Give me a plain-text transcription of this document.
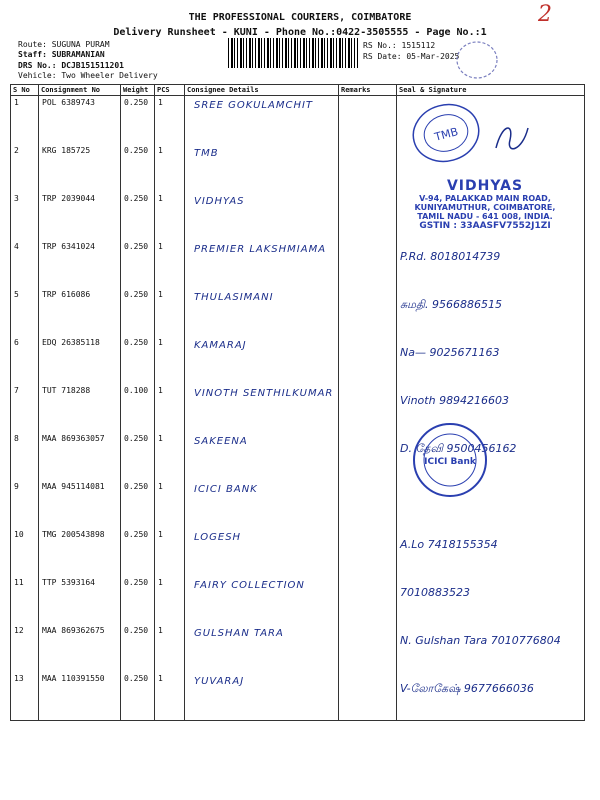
THE PROFESSIONAL COURIERS, COIMBATORE
Delivery Runsheet - KUNI - Phone No.:0422-3505555 - Page No.:1
2
Route: SUGUNA PURAM
Staff: SUBRAMANIAN
DRS No.: DCJB151511201
Vehicle: Two Wheeler Delivery
RS No.: 1515112
RS Date: 05-Mar-2025
S No	Consignment No	Weight	PCS	Consignee Details	Remarks	Seal & Signature
1	POL 6389743	0.250	1	SREE GOKULAMCHIT		
2	KRG 185725	0.250	1	TMB		
3	TRP 2039044	0.250	1	VIDHYAS		
4	TRP 6341024	0.250	1	PREMIER LAKSHMIAMA		P.Rd. 8018014739
5	TRP 616086	0.250	1	THULASIMANI		சுமதி. 9566886515
6	EDQ 26385118	0.250	1	KAMARAJ		Na— 9025671163
7	TUT 718288	0.100	1	VINOTH SENTHILKUMAR		Vinoth 9894216603
8	MAA 869363057	0.250	1	SAKEENA		D. தேவி 9500456162
9	MAA 945114081	0.250	1	ICICI BANK		
10	TMG 200543898	0.250	1	LOGESH		A.Lo 7418155354
11	TTP 5393164	0.250	1	FAIRY COLLECTION		7010883523
12	MAA 869362675	0.250	1	GULSHAN TARA		N. Gulshan Tara 7010776804
13	MAA 110391550	0.250	1	YUVARAJ		V-லோகேஷ் 9677666036
TMB
VIDHYAS
V-94, PALAKKAD MAIN ROAD,
KUNIYAMUTHUR, COIMBATORE,
TAMIL NADU - 641 008, INDIA.
GSTIN : 33AASFV7552J1ZI
ICICI Bank
